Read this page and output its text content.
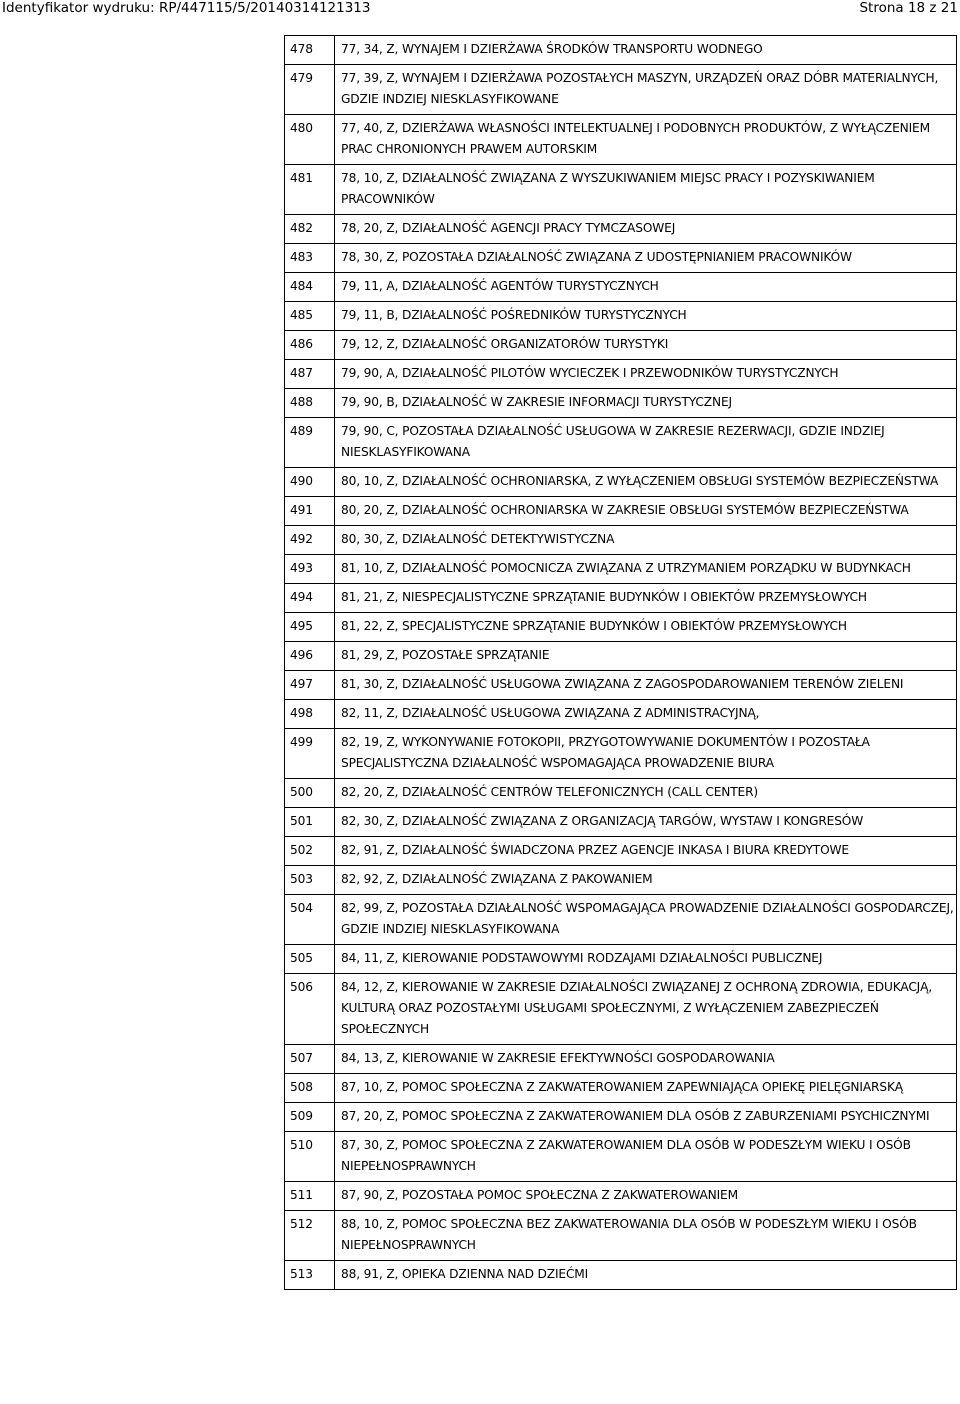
Identyfikator wydruku: RP/447115/5/20140314121313	Strona 18 z 21
478	77, 34, Z, WYNAJEM I DZIERŻAWA ŚRODKÓW TRANSPORTU WODNEGO
479	77, 39, Z, WYNAJEM I DZIERŻAWA POZOSTAŁYCH MASZYN, URZĄDZEŃ ORAZ DÓBR MATERIALNYCH, GDZIE INDZIEJ NIESKLASYFIKOWANE
480	77, 40, Z, DZIERŻAWA WŁASNOŚCI INTELEKTUALNEJ I PODOBNYCH PRODUKTÓW, Z WYŁĄCZENIEM PRAC CHRONIONYCH PRAWEM AUTORSKIM
481	78, 10, Z, DZIAŁALNOŚĆ ZWIĄZANA Z WYSZUKIWANIEM MIEJSC PRACY I POZYSKIWANIEM PRACOWNIKÓW
482	78, 20, Z, DZIAŁALNOŚĆ AGENCJI PRACY TYMCZASOWEJ
483	78, 30, Z, POZOSTAŁA DZIAŁALNOŚĆ ZWIĄZANA Z UDOSTĘPNIANIEM PRACOWNIKÓW
484	79, 11, A, DZIAŁALNOŚĆ AGENTÓW TURYSTYCZNYCH
485	79, 11, B, DZIAŁALNOŚĆ POŚREDNIKÓW TURYSTYCZNYCH
486	79, 12, Z, DZIAŁALNOŚĆ ORGANIZATORÓW TURYSTYKI
487	79, 90, A, DZIAŁALNOŚĆ PILOTÓW WYCIECZEK I PRZEWODNIKÓW TURYSTYCZNYCH
488	79, 90, B, DZIAŁALNOŚĆ W ZAKRESIE INFORMACJI TURYSTYCZNEJ
489	79, 90, C, POZOSTAŁA DZIAŁALNOŚĆ USŁUGOWA W ZAKRESIE REZERWACJI, GDZIE INDZIEJ NIESKLASYFIKOWANA
490	80, 10, Z, DZIAŁALNOŚĆ OCHRONIARSKA, Z WYŁĄCZENIEM OBSŁUGI SYSTEMÓW BEZPIECZEŃSTWA
491	80, 20, Z, DZIAŁALNOŚĆ OCHRONIARSKA W ZAKRESIE OBSŁUGI SYSTEMÓW BEZPIECZEŃSTWA
492	80, 30, Z, DZIAŁALNOŚĆ DETEKTYWISTYCZNA
493	81, 10, Z, DZIAŁALNOŚĆ POMOCNICZA ZWIĄZANA Z UTRZYMANIEM PORZĄDKU W BUDYNKACH
494	81, 21, Z, NIESPECJALISTYCZNE SPRZĄTANIE BUDYNKÓW I OBIEKTÓW PRZEMYSŁOWYCH
495	81, 22, Z, SPECJALISTYCZNE SPRZĄTANIE BUDYNKÓW I OBIEKTÓW PRZEMYSŁOWYCH
496	81, 29, Z, POZOSTAŁE SPRZĄTANIE
497	81, 30, Z, DZIAŁALNOŚĆ USŁUGOWA ZWIĄZANA Z ZAGOSPODAROWANIEM TERENÓW ZIELENI
498	82, 11, Z, DZIAŁALNOŚĆ USŁUGOWA ZWIĄZANA Z ADMINISTRACYJNĄ,
499	82, 19, Z, WYKONYWANIE FOTOKOPII, PRZYGOTOWYWANIE DOKUMENTÓW I POZOSTAŁA SPECJALISTYCZNA DZIAŁALNOŚĆ WSPOMAGAJĄCA PROWADZENIE BIURA
500	82, 20, Z, DZIAŁALNOŚĆ CENTRÓW TELEFONICZNYCH (CALL CENTER)
501	82, 30, Z, DZIAŁALNOŚĆ ZWIĄZANA Z ORGANIZACJĄ TARGÓW, WYSTAW I KONGRESÓW
502	82, 91, Z, DZIAŁALNOŚĆ ŚWIADCZONA PRZEZ AGENCJE INKASA I BIURA KREDYTOWE
503	82, 92, Z, DZIAŁALNOŚĆ ZWIĄZANA Z PAKOWANIEM
504	82, 99, Z, POZOSTAŁA DZIAŁALNOŚĆ WSPOMAGAJĄCA PROWADZENIE DZIAŁALNOŚCI GOSPODARCZEJ, GDZIE INDZIEJ NIESKLASYFIKOWANA
505	84, 11, Z, KIEROWANIE PODSTAWOWYMI RODZAJAMI DZIAŁALNOŚCI PUBLICZNEJ
506	84, 12, Z, KIEROWANIE W ZAKRESIE DZIAŁALNOŚCI ZWIĄZANEJ Z OCHRONĄ ZDROWIA, EDUKACJĄ, KULTURĄ ORAZ POZOSTAŁYMI USŁUGAMI SPOŁECZNYMI, Z WYŁĄCZENIEM ZABEZPIECZEŃ SPOŁECZNYCH
507	84, 13, Z, KIEROWANIE W ZAKRESIE EFEKTYWNOŚCI GOSPODAROWANIA
508	87, 10, Z, POMOC SPOŁECZNA Z ZAKWATEROWANIEM ZAPEWNIAJĄCA OPIEKĘ PIELĘGNIARSKĄ
509	87, 20, Z, POMOC SPOŁECZNA Z ZAKWATEROWANIEM DLA OSÓB Z ZABURZENIAMI PSYCHICZNYMI
510	87, 30, Z, POMOC SPOŁECZNA Z ZAKWATEROWANIEM DLA OSÓB W PODESZŁYM WIEKU I OSÓB NIEPEŁNOSPRAWNYCH
511	87, 90, Z, POZOSTAŁA POMOC SPOŁECZNA Z ZAKWATEROWANIEM
512	88, 10, Z, POMOC SPOŁECZNA BEZ ZAKWATEROWANIA DLA OSÓB W PODESZŁYM WIEKU I OSÓB NIEPEŁNOSPRAWNYCH
513	88, 91, Z, OPIEKA DZIENNA NAD DZIEĆMI
